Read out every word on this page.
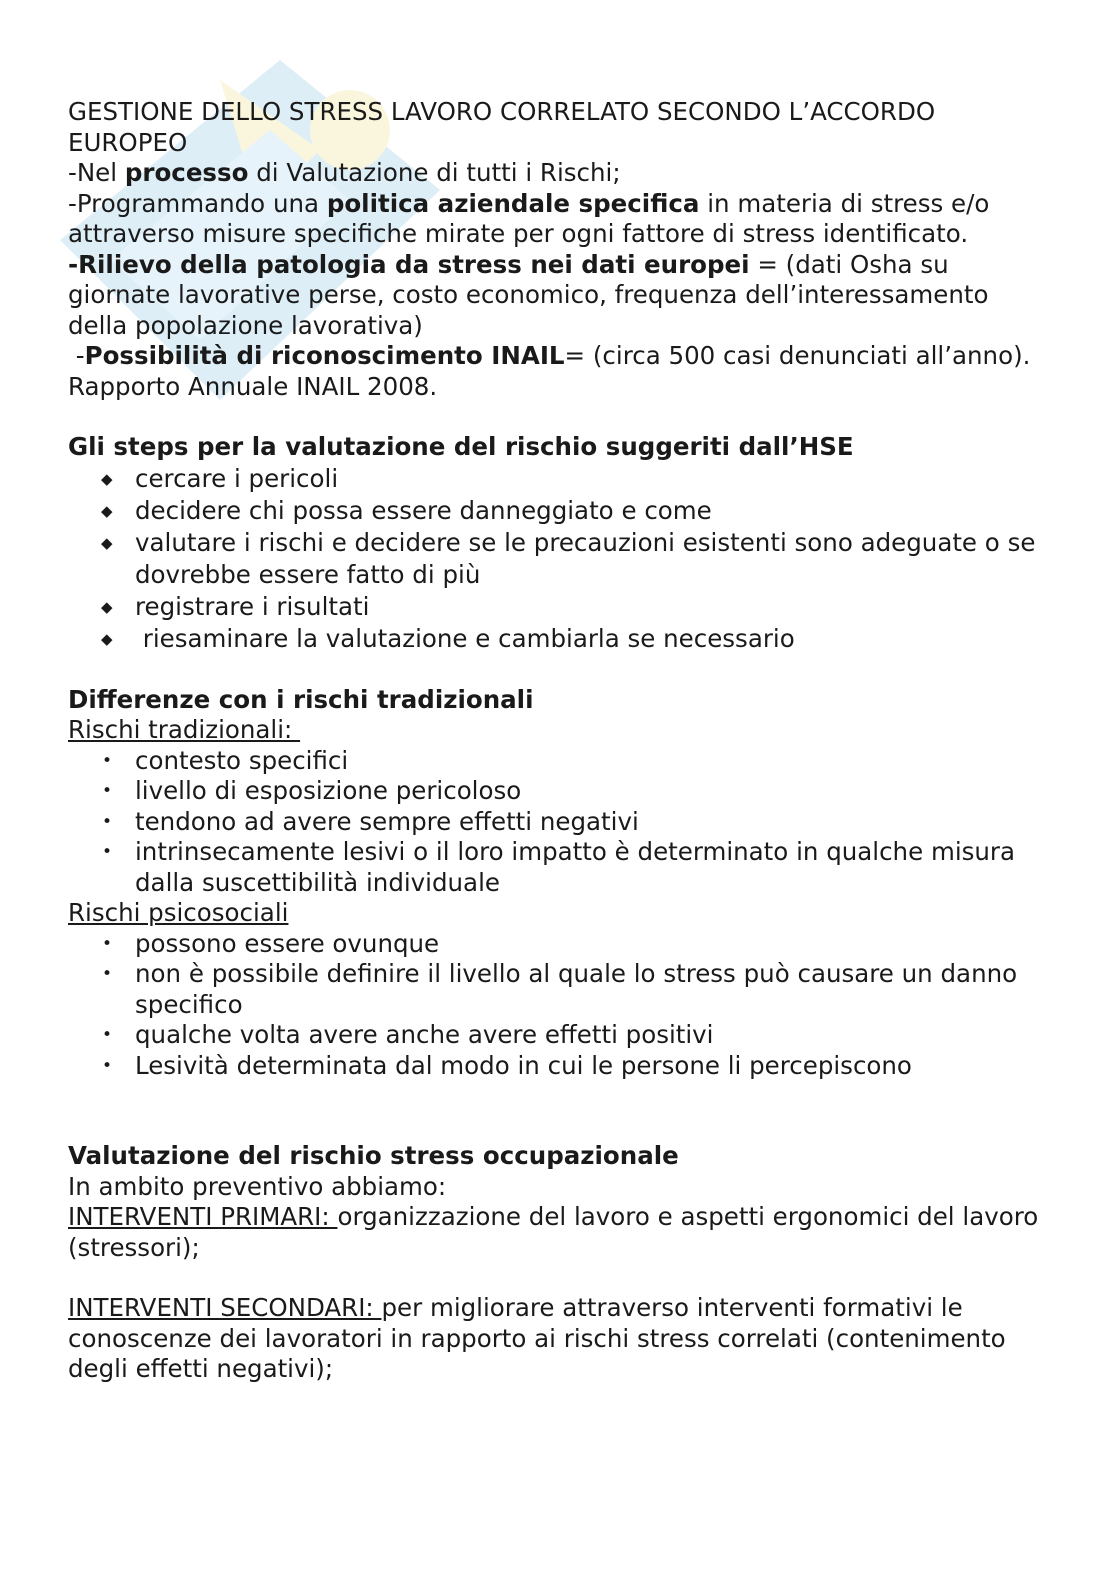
GESTIONE DELLO STRESS LAVORO CORRELATO SECONDO L’ACCORDO EUROPEO
-Nel processo di Valutazione di tutti i Rischi;
-Programmando una politica aziendale specifica in materia di stress e/o attraverso misure specifiche mirate per ogni fattore di stress identificato.
-Rilievo della patologia da stress nei dati europei = (dati Osha su giornate lavorative perse, costo economico, frequenza dell’interessamento della popolazione lavorativa)
-Possibilità di riconoscimento INAIL= (circa 500 casi denunciati all’anno). Rapporto Annuale INAIL 2008.
Gli steps per la valutazione del rischio suggeriti dall’HSE
◆ cercare i pericoli
◆ decidere chi possa essere danneggiato e come
◆ valutare i rischi e decidere se le precauzioni esistenti sono adeguate o se dovrebbe essere fatto di più
◆ registrare i risultati
◆  riesaminare la valutazione e cambiarla se necessario
Differenze con i rischi tradizionali
Rischi tradizionali:
• contesto specifici
• livello di esposizione pericoloso
• tendono ad avere sempre effetti negativi
• intrinsecamente lesivi o il loro impatto è determinato in qualche misura dalla suscettibilità individuale
Rischi psicosociali
• possono essere ovunque
• non è possibile definire il livello al quale lo stress può causare un danno specifico
• qualche volta avere anche avere effetti positivi
• Lesività determinata dal modo in cui le persone li percepiscono
Valutazione del rischio stress occupazionale
In ambito preventivo abbiamo:
INTERVENTI PRIMARI: organizzazione del lavoro e aspetti ergonomici del lavoro (stressori);
INTERVENTI SECONDARI: per migliorare attraverso interventi formativi le conoscenze dei lavoratori in rapporto ai rischi stress correlati (contenimento degli effetti negativi);
